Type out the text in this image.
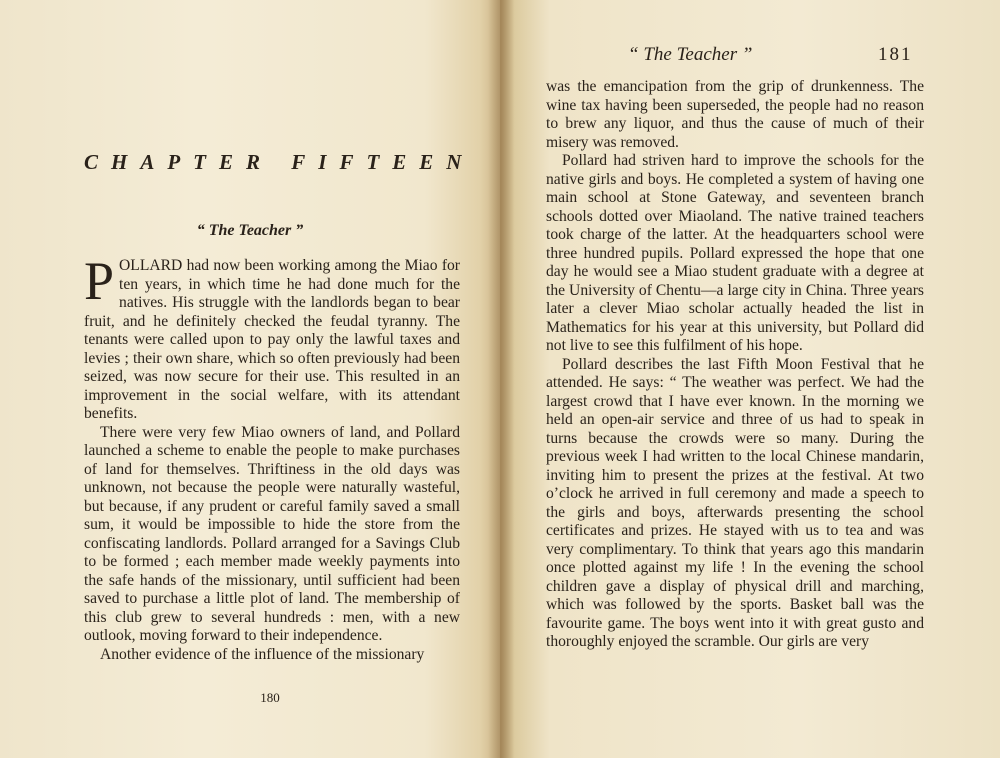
CHAPTER FIFTEEN
“ The Teacher ”

POLLARD had now been working among the Miao for ten years, in which time he had done much for the natives. His struggle with the landlords began to bear fruit, and he definitely checked the feudal tyranny. The tenants were called upon to pay only the lawful taxes and levies ; their own share, which so often previously had been seized, was now secure for their use. This resulted in an improvement in the social welfare, with its attendant benefits.

There were very few Miao owners of land, and Pollard launched a scheme to enable the people to make purchases of land for themselves. Thriftiness in the old days was unknown, not because the people were naturally wasteful, but because, if any prudent or careful family saved a small sum, it would be impossible to hide the store from the confiscating landlords. Pollard arranged for a Savings Club to be formed ; each member made weekly payments into the safe hands of the missionary, until sufficient had been saved to purchase a little plot of land. The membership of this club grew to several hundreds : men, with a new outlook, moving forward to their independence.

Another evidence of the influence of the missionary

180

“ The Teacher ”	181

was the emancipation from the grip of drunkenness. The wine tax having been superseded, the people had no reason to brew any liquor, and thus the cause of much of their misery was removed.

Pollard had striven hard to improve the schools for the native girls and boys. He completed a system of having one main school at Stone Gateway, and seventeen branch schools dotted over Miaoland. The native trained teachers took charge of the latter. At the headquarters school were three hundred pupils. Pollard expressed the hope that one day he would see a Miao student graduate with a degree at the University of Chentu—a large city in China. Three years later a clever Miao scholar actually headed the list in Mathematics for his year at this university, but Pollard did not live to see this fulfilment of his hope.

Pollard describes the last Fifth Moon Festival that he attended. He says: “ The weather was perfect. We had the largest crowd that I have ever known. In the morning we held an open-air service and three of us had to speak in turns because the crowds were so many. During the previous week I had written to the local Chinese mandarin, inviting him to present the prizes at the festival. At two o’clock he arrived in full ceremony and made a speech to the girls and boys, afterwards presenting the school certificates and prizes. He stayed with us to tea and was very complimentary. To think that years ago this mandarin once plotted against my life ! In the evening the school children gave a display of physical drill and marching, which was followed by the sports. Basket ball was the favourite game. The boys went into it with great gusto and thoroughly enjoyed the scramble. Our girls are very
